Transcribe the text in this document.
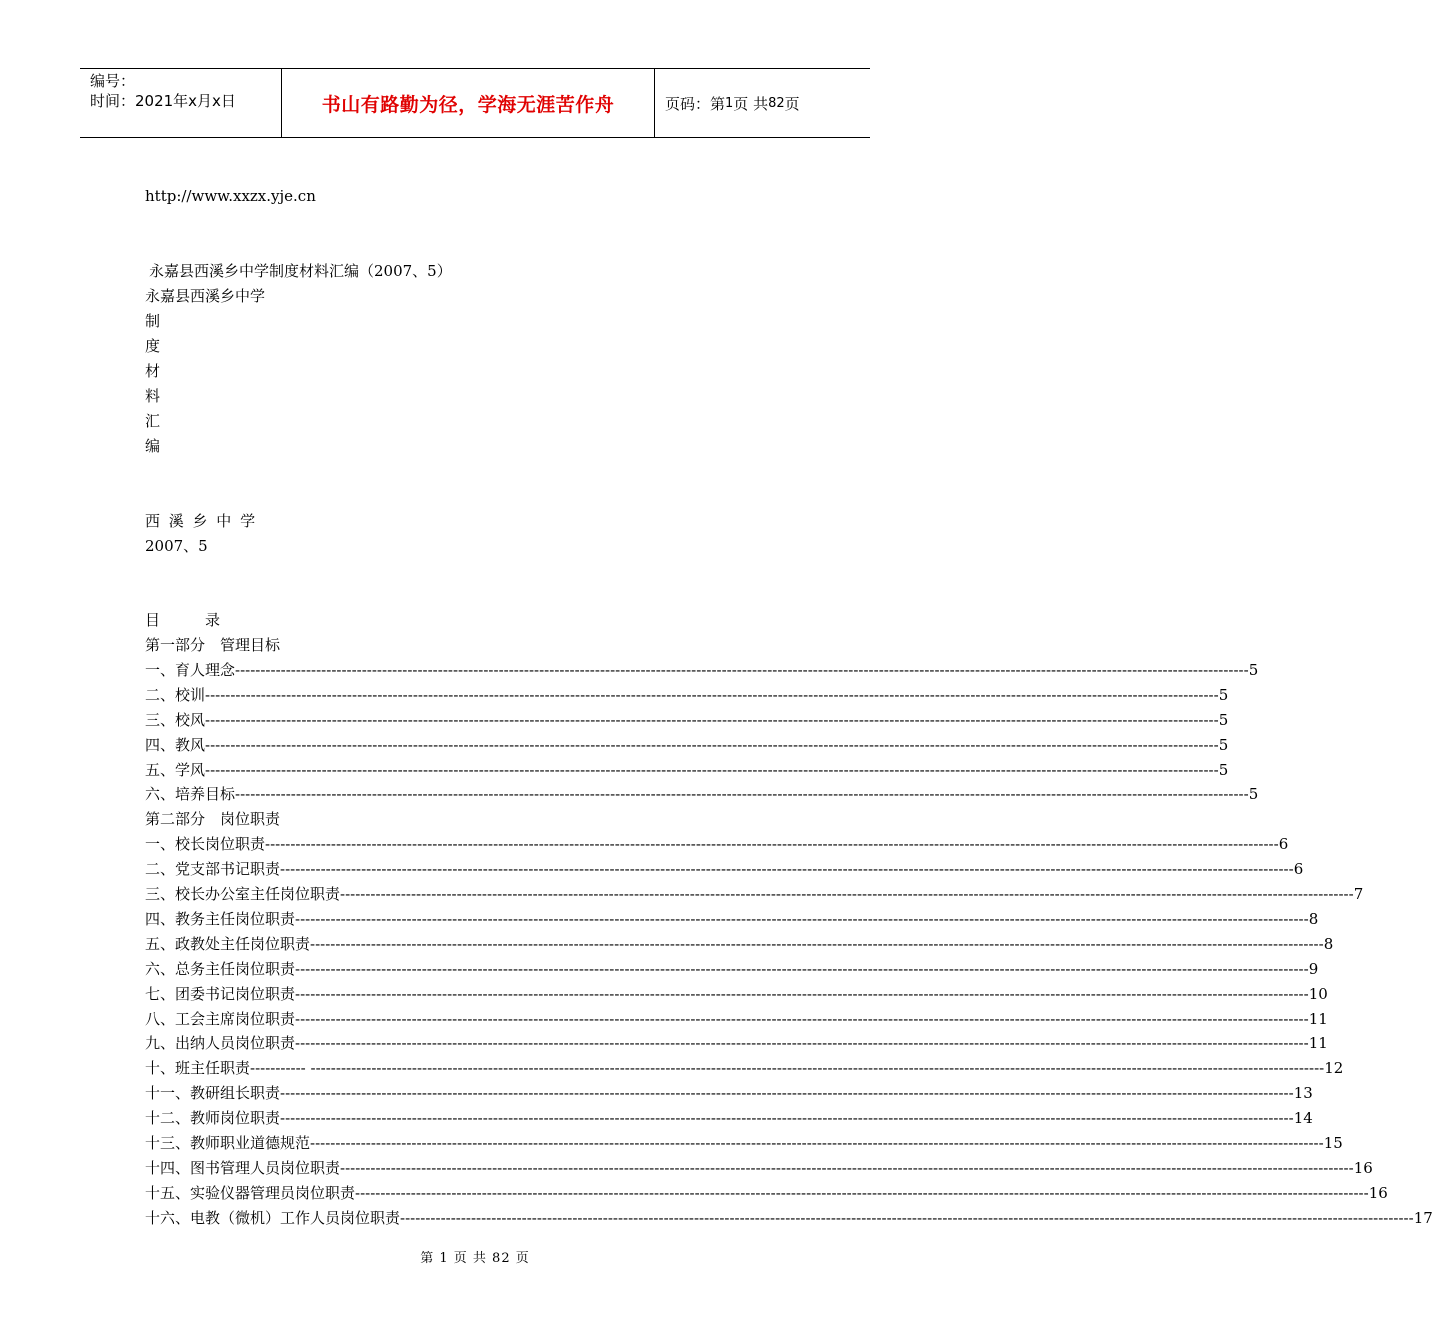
编号：
时间：2021年x月x日	书山有路勤为径，学海无涯苦作舟	页码：第 1 页 共 82 页
http://www.xxzx.yje.cn
永嘉县西溪乡中学制度材料汇编（2007、5）
永嘉县西溪乡中学
制
度
材
料
汇
编
西 溪 乡 中 学
2007、5
目　　　录
第一部分　管理目标
一、育人理念 -------------------------------------------------------------------------------------------------------------------------------------------------------------------------------------------------------- 5
二、校训 -------------------------------------------------------------------------------------------------------------------------------------------------------------------------------------------------------- 5
三、校风 -------------------------------------------------------------------------------------------------------------------------------------------------------------------------------------------------------- 5
四、教风 -------------------------------------------------------------------------------------------------------------------------------------------------------------------------------------------------------- 5
五、学风 -------------------------------------------------------------------------------------------------------------------------------------------------------------------------------------------------------- 5
六、培养目标 -------------------------------------------------------------------------------------------------------------------------------------------------------------------------------------------------------- 5
第二部分　岗位职责
一、校长岗位职责 -------------------------------------------------------------------------------------------------------------------------------------------------------------------------------------------------------- 6
二、党支部书记职责 -------------------------------------------------------------------------------------------------------------------------------------------------------------------------------------------------------- 6
三、校长办公室主任岗位职责 -------------------------------------------------------------------------------------------------------------------------------------------------------------------------------------------------------- 7
四、教务主任岗位职责 -------------------------------------------------------------------------------------------------------------------------------------------------------------------------------------------------------- 8
五、政教处主任岗位职责 -------------------------------------------------------------------------------------------------------------------------------------------------------------------------------------------------------- 8
六、总务主任岗位职责 -------------------------------------------------------------------------------------------------------------------------------------------------------------------------------------------------------- 9
七、团委书记岗位职责 -------------------------------------------------------------------------------------------------------------------------------------------------------------------------------------------------------- 10
八、工会主席岗位职责 -------------------------------------------------------------------------------------------------------------------------------------------------------------------------------------------------------- 11
九、出纳人员岗位职责 -------------------------------------------------------------------------------------------------------------------------------------------------------------------------------------------------------- 11
十、班主任职责----------- -------------------------------------------------------------------------------------------------------------------------------------------------------------------------------------------------------- 12
十一、教研组长职责 -------------------------------------------------------------------------------------------------------------------------------------------------------------------------------------------------------- 13
十二、教师岗位职责 -------------------------------------------------------------------------------------------------------------------------------------------------------------------------------------------------------- 14
十三、教师职业道德规范 -------------------------------------------------------------------------------------------------------------------------------------------------------------------------------------------------------- 15
十四、图书管理人员岗位职责 -------------------------------------------------------------------------------------------------------------------------------------------------------------------------------------------------------- 16
十五、实验仪器管理员岗位职责 -------------------------------------------------------------------------------------------------------------------------------------------------------------------------------------------------------- 16
十六、电教（微机）工作人员岗位职责 -------------------------------------------------------------------------------------------------------------------------------------------------------------------------------------------------------- 17
第 1 页 共 82 页
